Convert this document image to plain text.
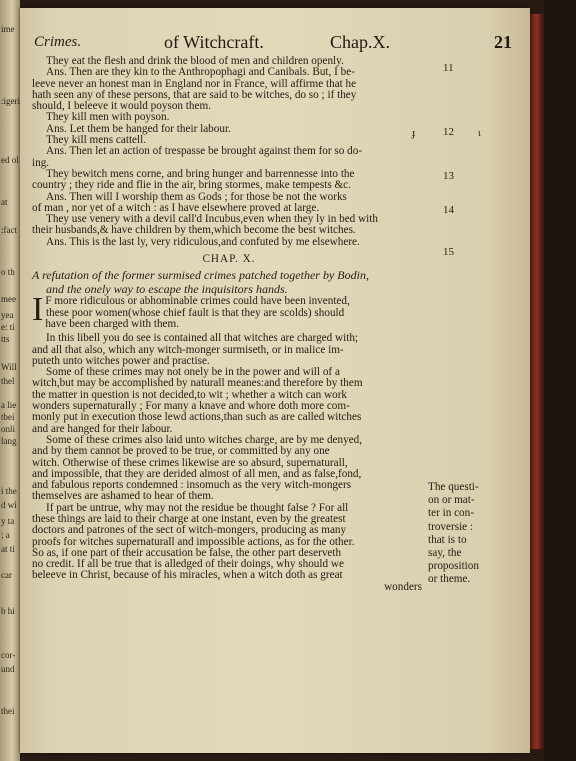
ime
:igeri
ed ol
at
:fact
o th
mee
yea
e: ti
tts
Will
thel
a lie
tbei
onli
lang
i the
d wi
y ta
; a
at ti
car
b hi
cor-
und
thei
Crimes.	of Witchcraft.	Chap.X.	21
They eat the flesh and drink the blood of men and children openly.
Ans. Then are they kin to the Anthropophagi and Canibals. But, I be-
leeve never an honest man in England nor in France, will affirme that he
hath seen any of these persons, that are said to be witches, do so ; if they
should, I beleeve it would poyson them.
They kill men with poyson.
Ans. Let them be hanged for their labour.
They kill mens cattell.
Ans. Then let an action of trespasse be brought against them for so do-
ing.
They bewitch mens corne, and bring hunger and barrennesse into the
country ; they ride and flie in the air, bring stormes, make tempests &c.
Ans. Then will I worship them as Gods ; for those be not the works
of man , nor yet of a witch : as I have elsewhere proved at large.
They use venery with a devil call'd Incubus,even when they ly in bed with
their husbands,& have children by them,which become the best witches.
Ans. This is the last ly, very ridiculous,and confuted by me elsewhere.
CHAP. X.
A refutation of the former surmised crimes patched together by Bodin,
and the onely way to escape the inquisitors hands.
I F more ridiculous or abhominable crimes could have been invented,
these poor women(whose chief fault is that they are scolds) should
have been charged with them.
In this libell you do see is contained all that witches are charged with;
and all that also, which any witch-monger surmiseth, or in malice im-
puteth unto witches power and practise.
Some of these crimes may not onely be in the power and will of a
witch,but may be accomplished by naturall meanes:and therefore by them
the matter in question is not decided,to wit ; whether a witch can work
wonders supernaturally ; For many a knave and whore doth more com-
monly put in execution those lewd actions,than such as are called witches
and are hanged for their labour.
Some of these crimes also laid unto witches charge, are by me denyed,
and by them cannot be proved to be true, or committed by any one
witch. Otherwise of these crimes likewise are so absurd, supernaturall,
and impossible, that they are derided almost of all men, and as false,fond,
and fabulous reports condemned : insomuch as the very witch-mongers
themselves are ashamed to hear of them.
If part be untrue, why may not the residue be thought false ? For all
these things are laid to their charge at one instant, even by the greatest
doctors and patrones of the sect of witch-mongers, producing as many
proofs for witches supernaturall and impossible actions, as for the other.
So as, if one part of their accusation be false, the other part deserveth
no credit. If all be true that is alledged of their doings, why should we
beleeve in Christ, because of his miracles, when a witch doth as great
wonders
11
ɟ	12 ɩ
13
14
15
The questi-
on or mat-
ter in con-
troversie :
that is to
say, the
proposition
or theme.
